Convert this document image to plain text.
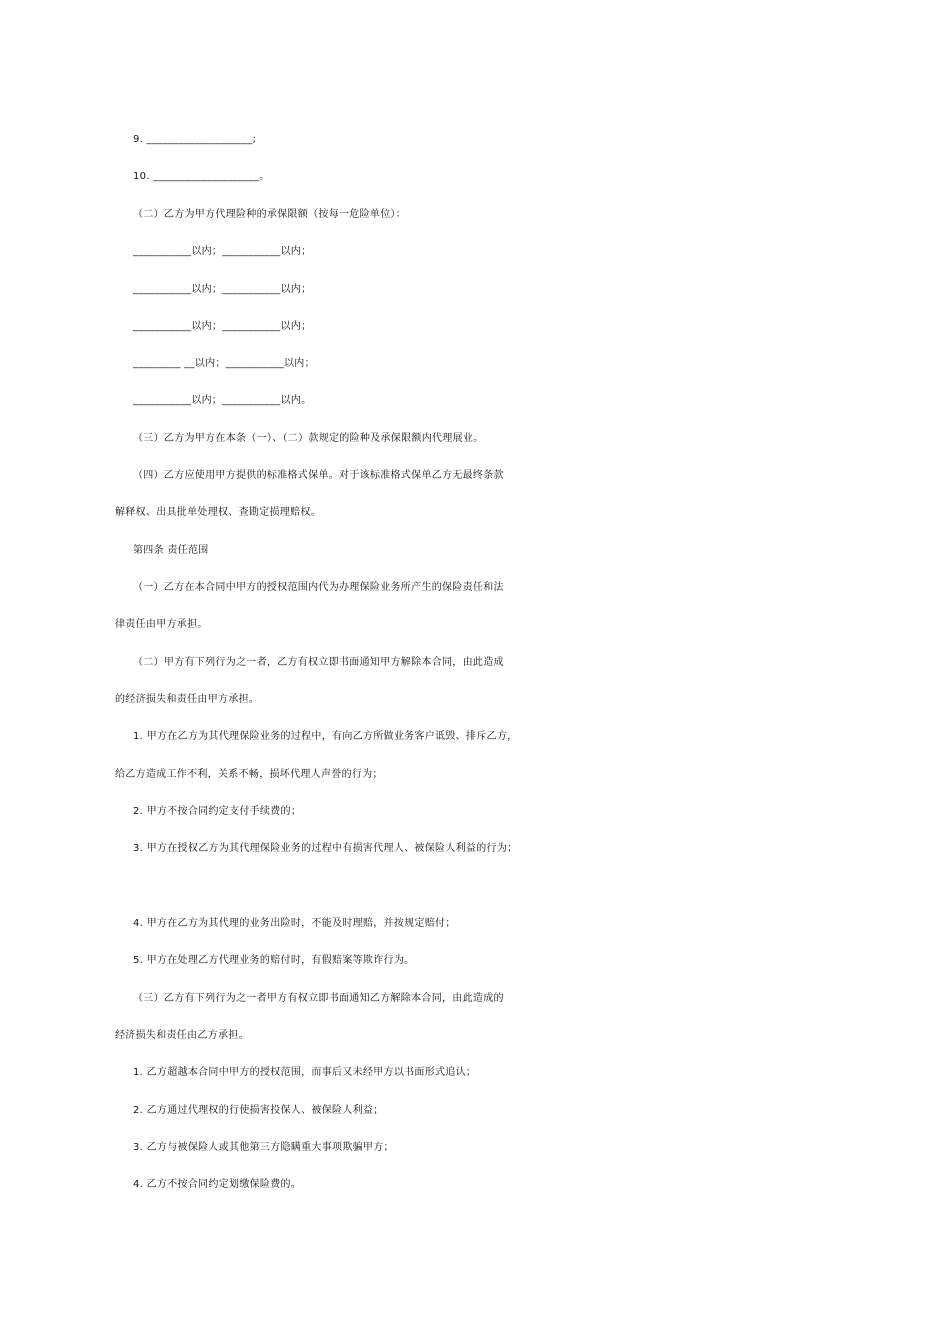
9. ____________________;
10. ____________________。
（二）乙方为甲方代理险种的承保限额（按每一危险单位）：
___________以内；___________以内；
___________以内；___________以内；
___________以内；___________以内；
_________ __以内；___________以内；
___________以内；___________以内。
（三）乙方为甲方在本条（一）、（二）款规定的险种及承保限额内代理展业。
（四）乙方应使用甲方提供的标准格式保单。对于该标准格式保单乙方无最终条款
解释权、出具批单处理权、查勘定损理赔权。
第四条 责任范围
（一）乙方在本合同中甲方的授权范围内代为办理保险业务所产生的保险责任和法
律责任由甲方承担。
（二）甲方有下列行为之一者，乙方有权立即书面通知甲方解除本合同，由此造成
的经济损失和责任由甲方承担。
1. 甲方在乙方为其代理保险业务的过程中，有向乙方所做业务客户诋毁、排斥乙方，
给乙方造成工作不利，关系不畅，损坏代理人声誉的行为；
2. 甲方不按合同约定支付手续费的；
3. 甲方在授权乙方为其代理保险业务的过程中有损害代理人、被保险人利益的行为；
4. 甲方在乙方为其代理的业务出险时，不能及时理赔，并按规定赔付；
5. 甲方在处理乙方代理业务的赔付时，有假赔案等欺诈行为。
（三）乙方有下列行为之一者甲方有权立即书面通知乙方解除本合同，由此造成的
经济损失和责任由乙方承担。
1. 乙方超越本合同中甲方的授权范围，而事后又未经甲方以书面形式追认；
2. 乙方通过代理权的行使损害投保人、被保险人利益；
3. 乙方与被保险人或其他第三方隐瞒重大事项欺骗甲方；
4. 乙方不按合同约定划缴保险费的。
